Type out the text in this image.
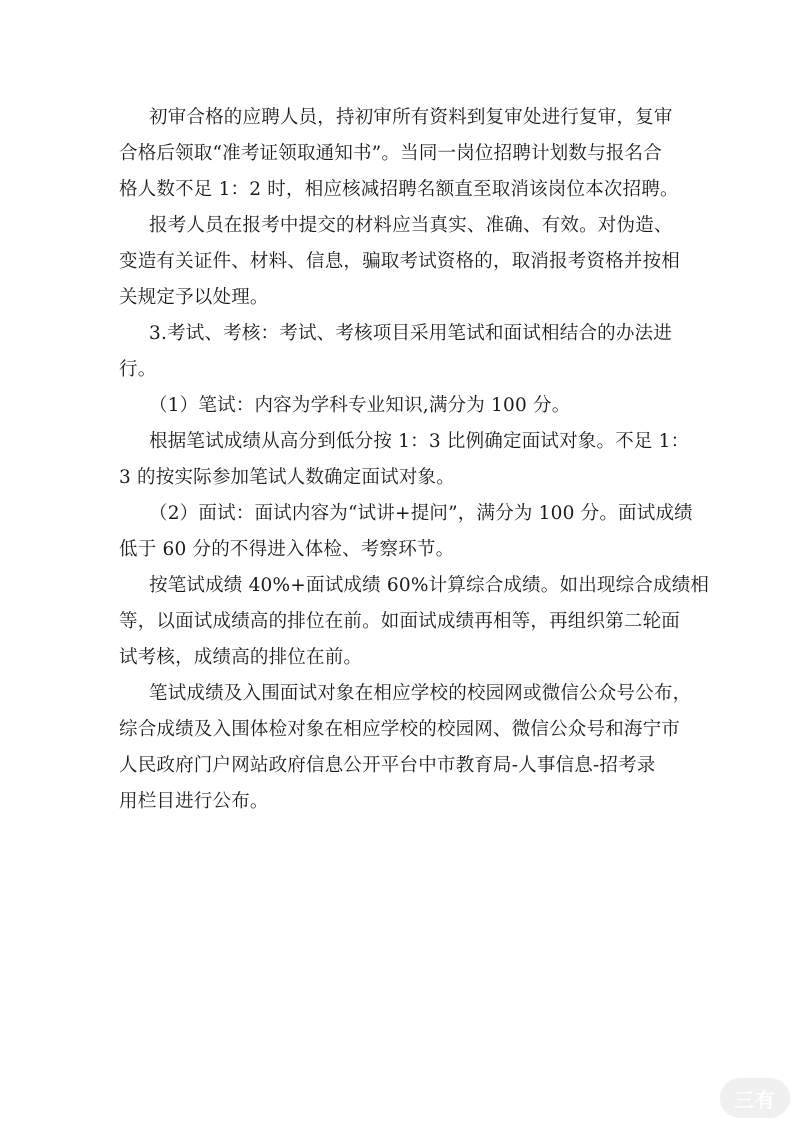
初审合格的应聘人员，持初审所有资料到复审处进行复审，复审
合格后领取“准考证领取通知书”。当同一岗位招聘计划数与报名合
格人数不足 1：2 时，相应核减招聘名额直至取消该岗位本次招聘。
报考人员在报考中提交的材料应当真实、准确、有效。对伪造、
变造有关证件、材料、信息，骗取考试资格的，取消报考资格并按相
关规定予以处理。
3.考试、考核：考试、考核项目采用笔试和面试相结合的办法进
行。
（1）笔试：内容为学科专业知识,满分为 100 分。
根据笔试成绩从高分到低分按 1：3 比例确定面试对象。不足 1：
3 的按实际参加笔试人数确定面试对象。
（2）面试：面试内容为“试讲+提问”，满分为 100 分。面试成绩
低于 60 分的不得进入体检、考察环节。
按笔试成绩 40%+面试成绩 60%计算综合成绩。如出现综合成绩相
等，以面试成绩高的排位在前。如面试成绩再相等，再组织第二轮面
试考核，成绩高的排位在前。
笔试成绩及入围面试对象在相应学校的校园网或微信公众号公布，
综合成绩及入围体检对象在相应学校的校园网、微信公众号和海宁市
人民政府门户网站政府信息公开平台中市教育局-人事信息-招考录
用栏目进行公布。
三有
